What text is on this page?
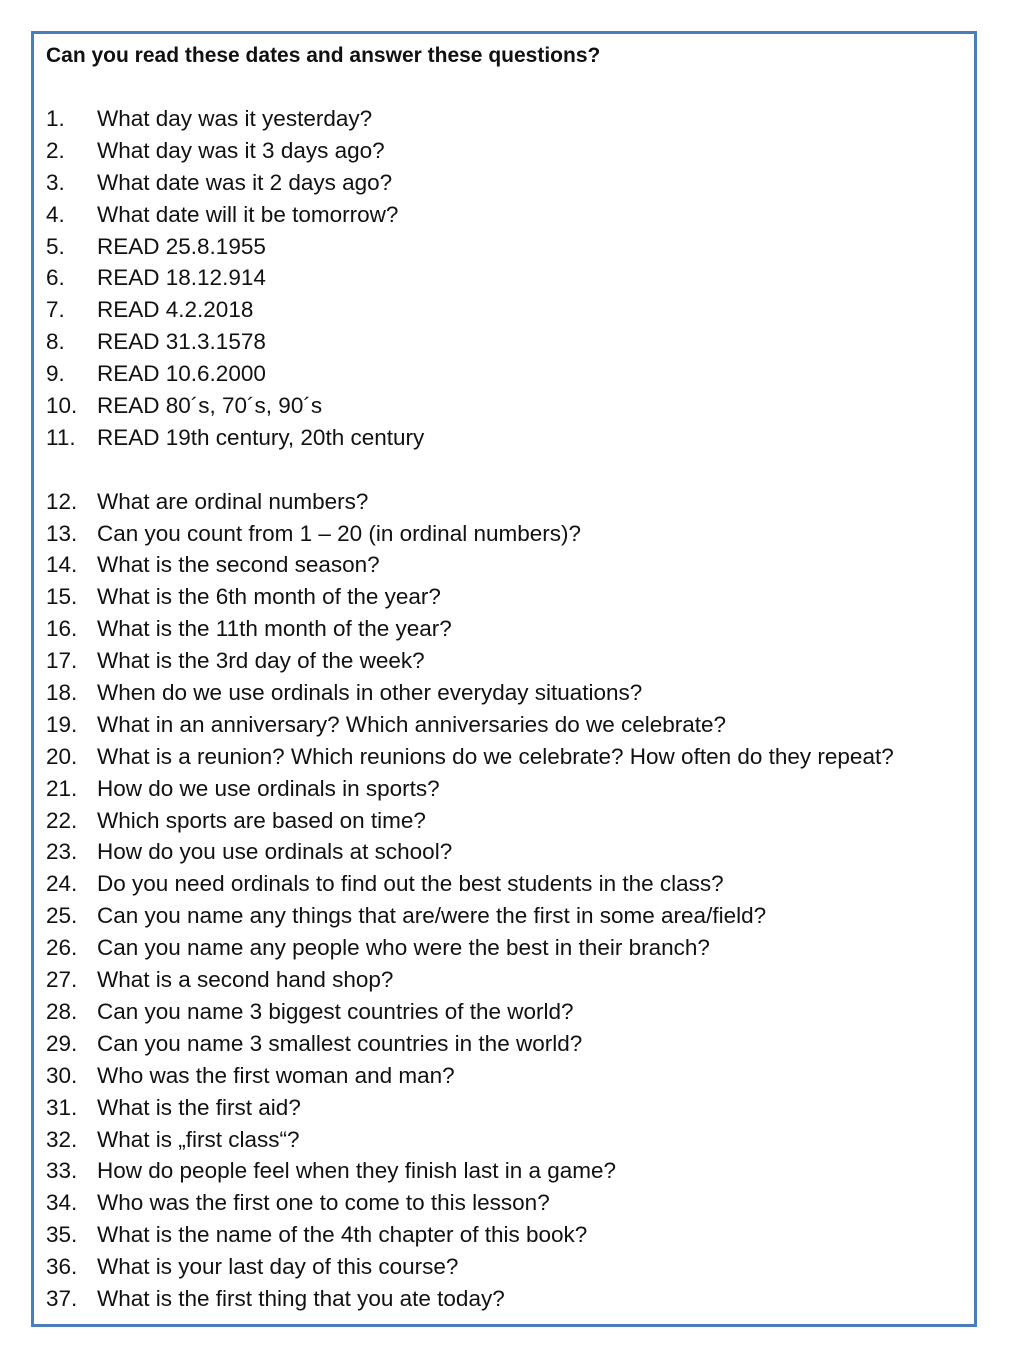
Can you read these dates and answer these questions?
1.	What day was it yesterday?
2.	What day was it 3 days ago?
3.	What date was it 2 days ago?
4.	What date will it be tomorrow?
5.	READ 25.8.1955
6.	READ 18.12.914
7.	READ 4.2.2018
8.	READ 31.3.1578
9.	READ 10.6.2000
10. READ 80´s, 70´s, 90´s
11. READ 19th century, 20th century
12. What are ordinal numbers?
13. Can you count from 1 – 20 (in ordinal numbers)?
14. What is the second season?
15. What is the 6th month of the year?
16. What is the 11th month of the year?
17. What is the 3rd day of the week?
18. When do we use ordinals in other everyday situations?
19. What in an anniversary? Which anniversaries do we celebrate?
20. What is a reunion? Which reunions do we celebrate? How often do they repeat?
21. How do we use ordinals in sports?
22. Which sports are based on time?
23. How do you use ordinals at school?
24. Do you need ordinals to find out the best students in the class?
25. Can you name any things that are/were the first in some area/field?
26. Can you name any people who were the best in their branch?
27. What is a second hand shop?
28. Can you name 3 biggest countries of the world?
29. Can you name 3 smallest countries in the world?
30. Who was the first woman and man?
31. What is the first aid?
32. What is „first class“?
33. How do people feel when they finish last in a game?
34. Who was the first one to come to this lesson?
35. What is the name of the 4th chapter of this book?
36. What is your last day of this course?
37. What is the first thing that you ate today?
